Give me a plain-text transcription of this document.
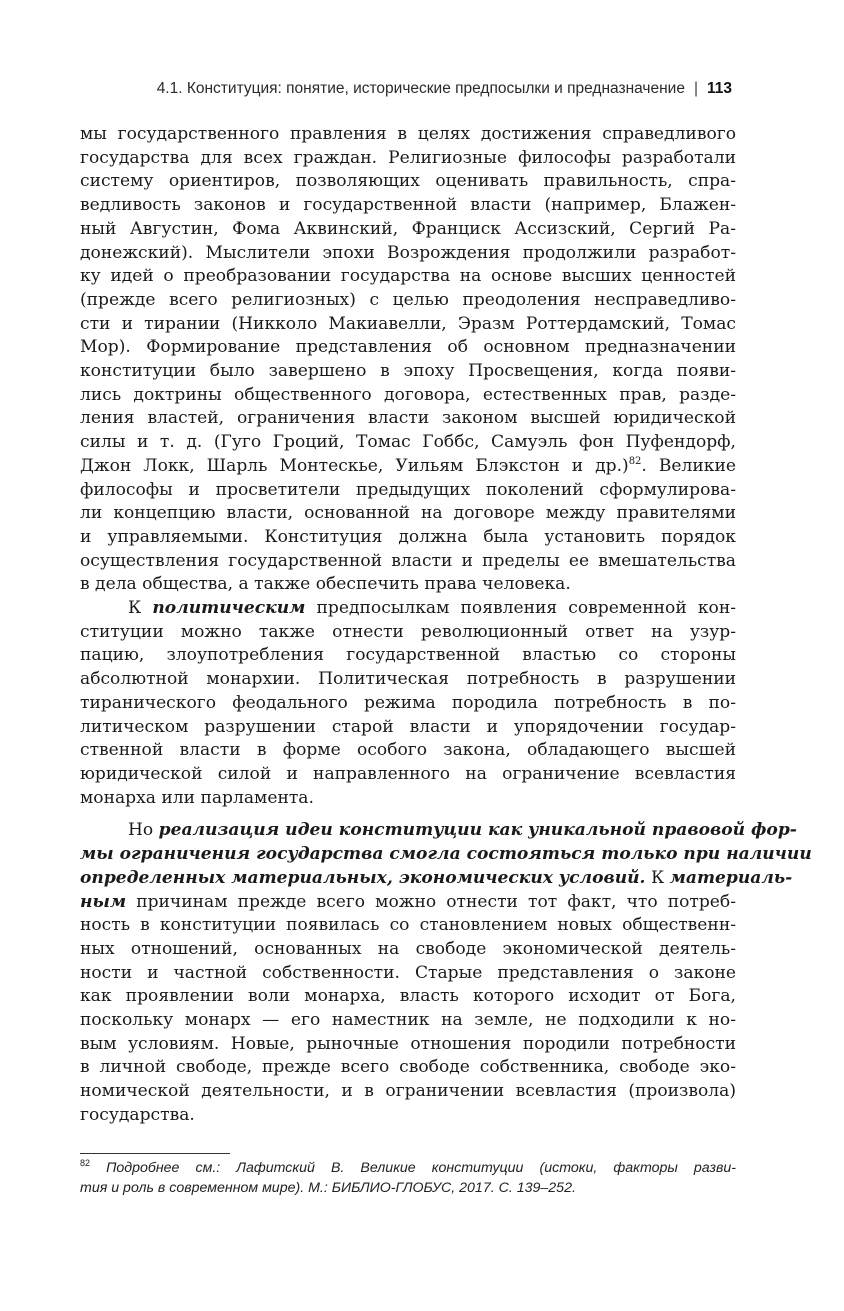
4.1. Конституция: понятие, исторические предпосылки и предназначение | 113
мы государственного правления в целях достижения справедливого
государства для всех граждан. Религиозные философы разработали
систему ориентиров, позволяющих оценивать правильность, спра-
ведливость законов и государственной власти (например, Блажен-
ный Августин, Фома Аквинский, Франциск Ассизский, Сергий Ра-
донежский). Мыслители эпохи Возрождения продолжили разработ-
ку идей о преобразовании государства на основе высших ценностей
(прежде всего религиозных) с целью преодоления несправедливо-
сти и тирании (Никколо Макиавелли, Эразм Роттердамский, Томас
Мор). Формирование представления об основном предназначении
конституции было завершено в эпоху Просвещения, когда появи-
лись доктрины общественного договора, естественных прав, разде-
ления властей, ограничения власти законом высшей юридической
силы и т. д. (Гуго Гроций, Томас Гоббс, Самуэль фон Пуфендорф,
Джон Локк, Шарль Монтескье, Уильям Блэкстон и др.)$^{82}$. Великие
философы и просветители предыдущих поколений сформулирова-
ли концепцию власти, основанной на договоре между правителями
и управляемыми. Конституция должна была установить порядок
осуществления государственной власти и пределы ее вмешательства
в дела общества, а также обеспечить права человека.
К политическим предпосылкам появления современной кон-
ституции можно также отнести революционный ответ на узур-
пацию, злоупотребления государственной властью со стороны
абсолютной монархии. Политическая потребность в разрушении
тиранического феодального режима породила потребность в по-
литическом разрушении старой власти и упорядочении государ-
ственной власти в форме особого закона, обладающего высшей
юридической силой и направленного на ограничение всевластия
монарха или парламента.
Но реализация идеи конституции как уникальной правовой фор-
мы ограничения государства смогла состояться только при наличии
определенных материальных, экономических условий. К материаль-
ным причинам прежде всего можно отнести тот факт, что потреб-
ность в конституции появилась со становлением новых общественн-
ных отношений, основанных на свободе экономической деятель-
ности и частной собственности. Старые представления о законе
как проявлении воли монарха, власть которого исходит от Бога,
поскольку монарх — его наместник на земле, не подходили к но-
вым условиям. Новые, рыночные отношения породили потребности
в личной свободе, прежде всего свободе собственника, свободе эко-
номической деятельности, и в ограничении всевластия (произвола)
государства.
$^{82}$ Подробнее см.: Лафитский В. Великие конституции (истоки, факторы разви-
тия и роль в современном мире). М.: БИБЛИО-ГЛОБУС, 2017. С. 139–252.
